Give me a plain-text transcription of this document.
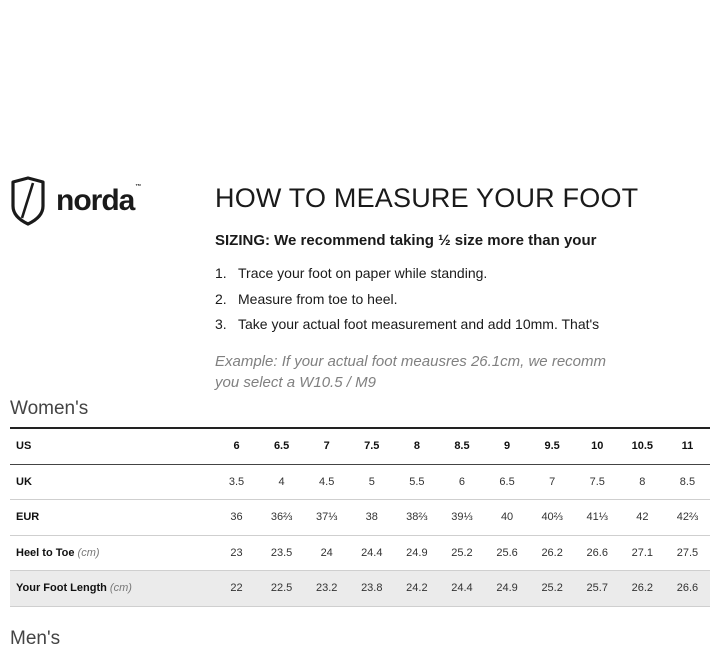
norda™	HOW TO MEASURE YOUR FOOT
SIZING: We recommend taking ½ size more than your
1. Trace your foot on paper while standing.
2. Measure from toe to heel.
3. Take your actual foot measurement and add 10mm. That's
Example: If your actual foot meausres 26.1cm, we recomm
you select a W10.5 / M9
Women's
US	6	6.5	7	7.5	8	8.5	9	9.5	10	10.5	11
UK	3.5	4	4.5	5	5.5	6	6.5	7	7.5	8	8.5
EUR	36	36⅔	37⅓	38	38⅔	39⅓	40	40⅔	41⅓	42	42⅔
Heel to Toe (cm)	23	23.5	24	24.4	24.9	25.2	25.6	26.2	26.6	27.1	27.5
Your Foot Length (cm)	22	22.5	23.2	23.8	24.2	24.4	24.9	25.2	25.7	26.2	26.6
Men's
